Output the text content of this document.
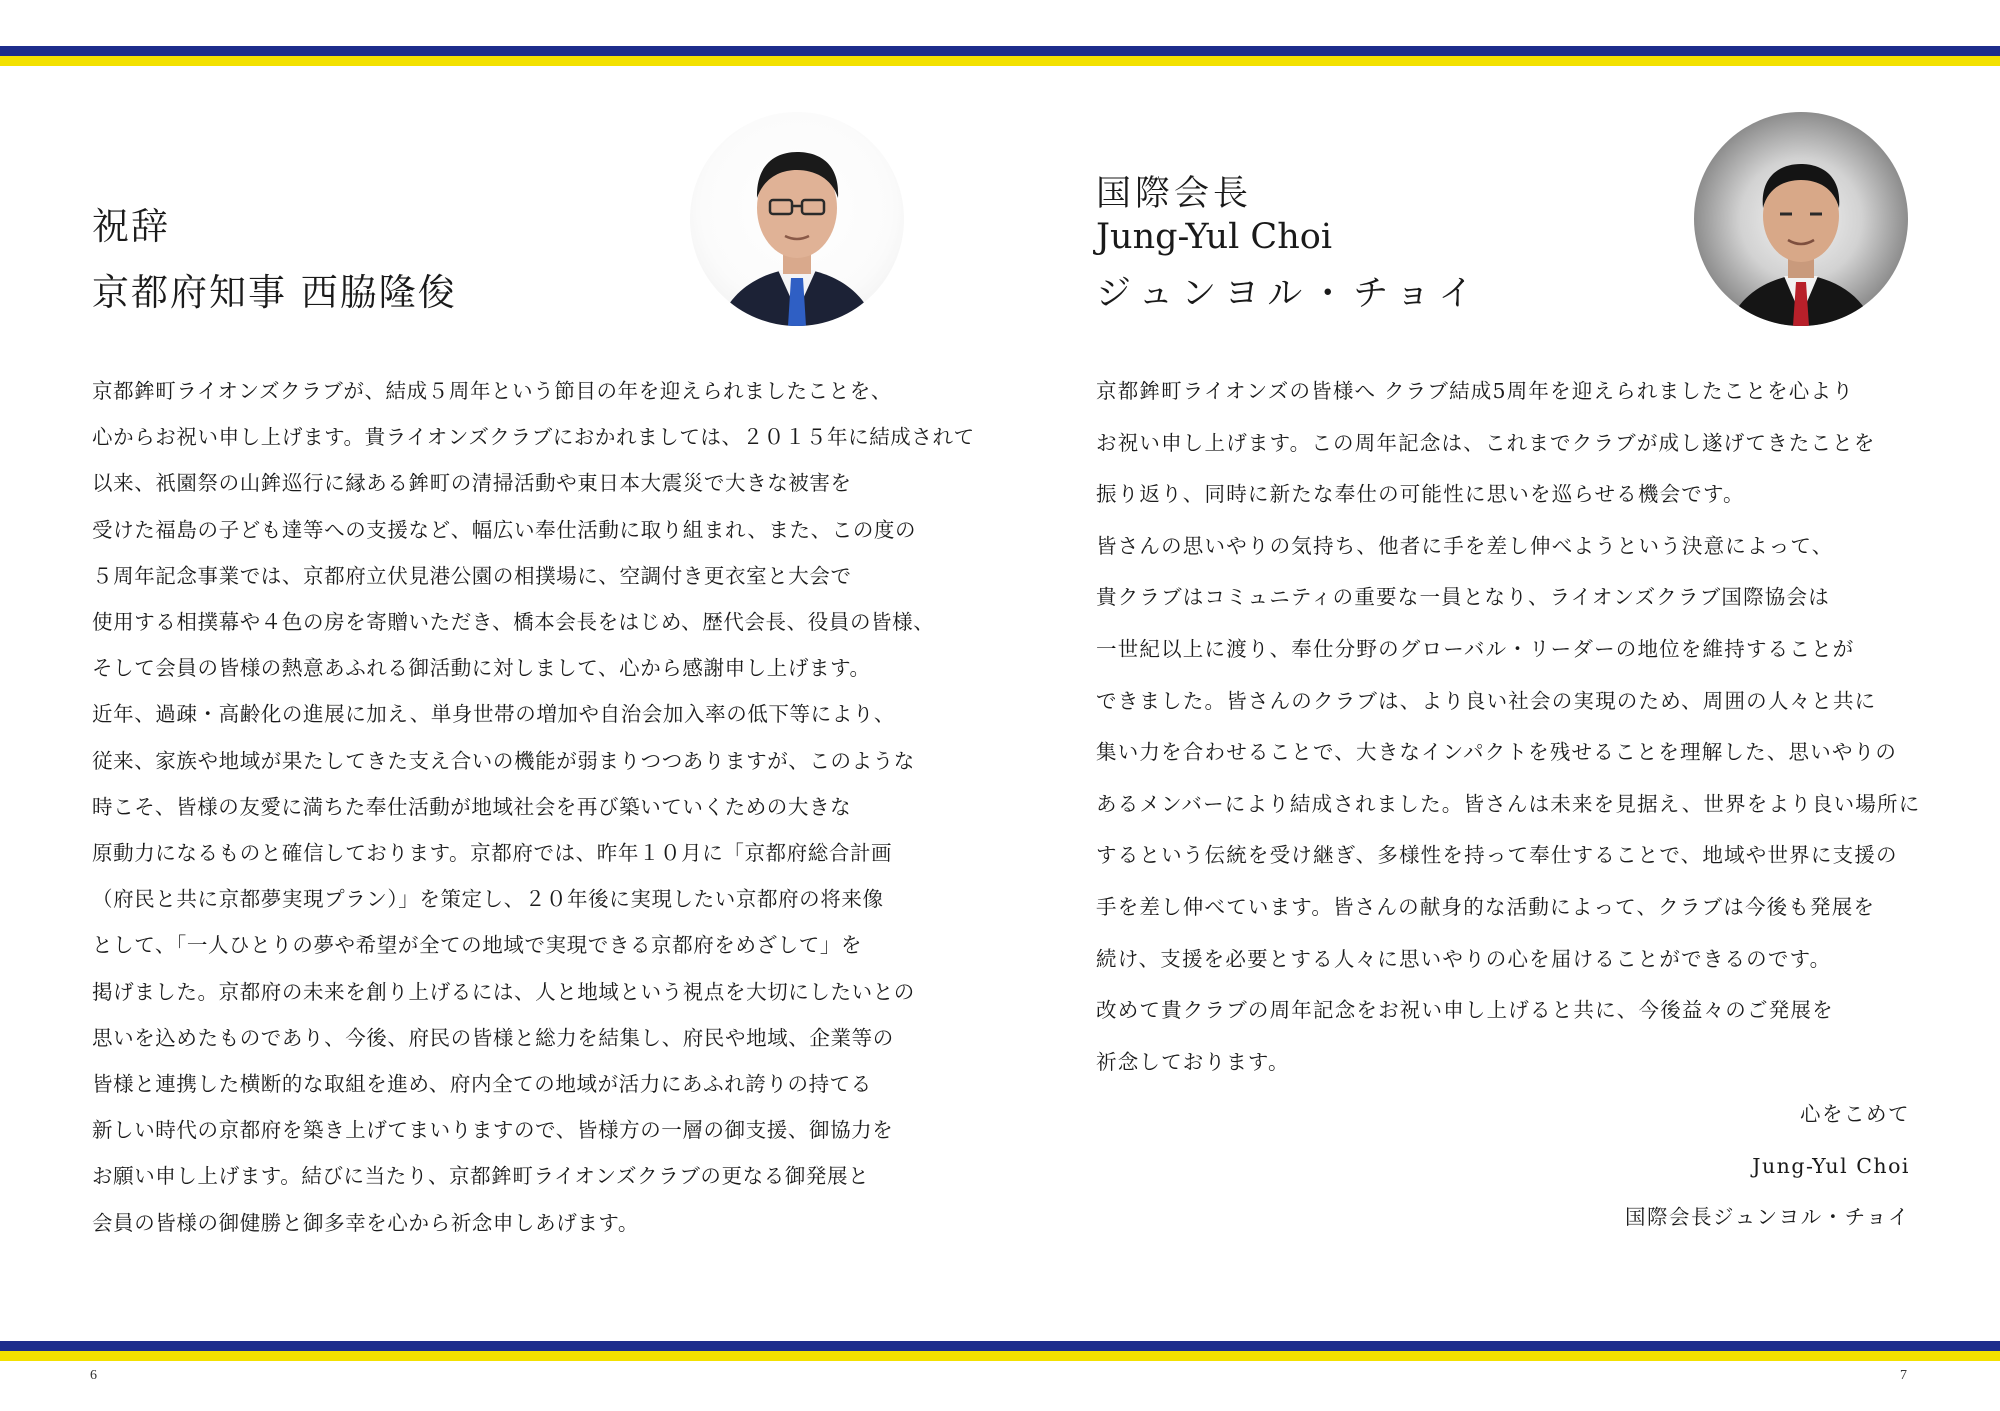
祝辞
京都府知事 西脇隆俊
京都鉾町ライオンズクラブが、結成５周年という節目の年を迎えられましたことを、
心からお祝い申し上げます。貴ライオンズクラブにおかれましては、２０１５年に結成されて
以来、祇園祭の山鉾巡行に縁ある鉾町の清掃活動や東日本大震災で大きな被害を
受けた福島の子ども達等への支援など、幅広い奉仕活動に取り組まれ、また、この度の
５周年記念事業では、京都府立伏見港公園の相撲場に、空調付き更衣室と大会で
使用する相撲幕や４色の房を寄贈いただき、橋本会長をはじめ、歴代会長、役員の皆様、
そして会員の皆様の熱意あふれる御活動に対しまして、心から感謝申し上げます。
近年、過疎・高齢化の進展に加え、単身世帯の増加や自治会加入率の低下等により、
従来、家族や地域が果たしてきた支え合いの機能が弱まりつつありますが、このような
時こそ、皆様の友愛に満ちた奉仕活動が地域社会を再び築いていくための大きな
原動力になるものと確信しております。京都府では、昨年１０月に「京都府総合計画
（府民と共に京都夢実現プラン）」を策定し、２０年後に実現したい京都府の将来像
として、「一人ひとりの夢や希望が全ての地域で実現できる京都府をめざして」を
掲げました。京都府の未来を創り上げるには、人と地域という視点を大切にしたいとの
思いを込めたものであり、今後、府民の皆様と総力を結集し、府民や地域、企業等の
皆様と連携した横断的な取組を進め、府内全ての地域が活力にあふれ誇りの持てる
新しい時代の京都府を築き上げてまいりますので、皆様方の一層の御支援、御協力を
お願い申し上げます。結びに当たり、京都鉾町ライオンズクラブの更なる御発展と
会員の皆様の御健勝と御多幸を心から祈念申しあげます。
6
国際会長
Jung-Yul Choi
ジュンヨル・チョイ
京都鉾町ライオンズの皆様へ クラブ結成5周年を迎えられましたことを心より
お祝い申し上げます。この周年記念は、これまでクラブが成し遂げてきたことを
振り返り、同時に新たな奉仕の可能性に思いを巡らせる機会です。
皆さんの思いやりの気持ち、他者に手を差し伸べようという決意によって、
貴クラブはコミュニティの重要な一員となり、ライオンズクラブ国際協会は
一世紀以上に渡り、奉仕分野のグローバル・リーダーの地位を維持することが
できました。皆さんのクラブは、より良い社会の実現のため、周囲の人々と共に
集い力を合わせることで、大きなインパクトを残せることを理解した、思いやりの
あるメンバーにより結成されました。皆さんは未来を見据え、世界をより良い場所に
するという伝統を受け継ぎ、多様性を持って奉仕することで、地域や世界に支援の
手を差し伸べています。皆さんの献身的な活動によって、クラブは今後も発展を
続け、支援を必要とする人々に思いやりの心を届けることができるのです。
改めて貴クラブの周年記念をお祝い申し上げると共に、今後益々のご発展を
祈念しております。
心をこめて
Jung-Yul Choi
国際会長ジュンヨル・チョイ
7
